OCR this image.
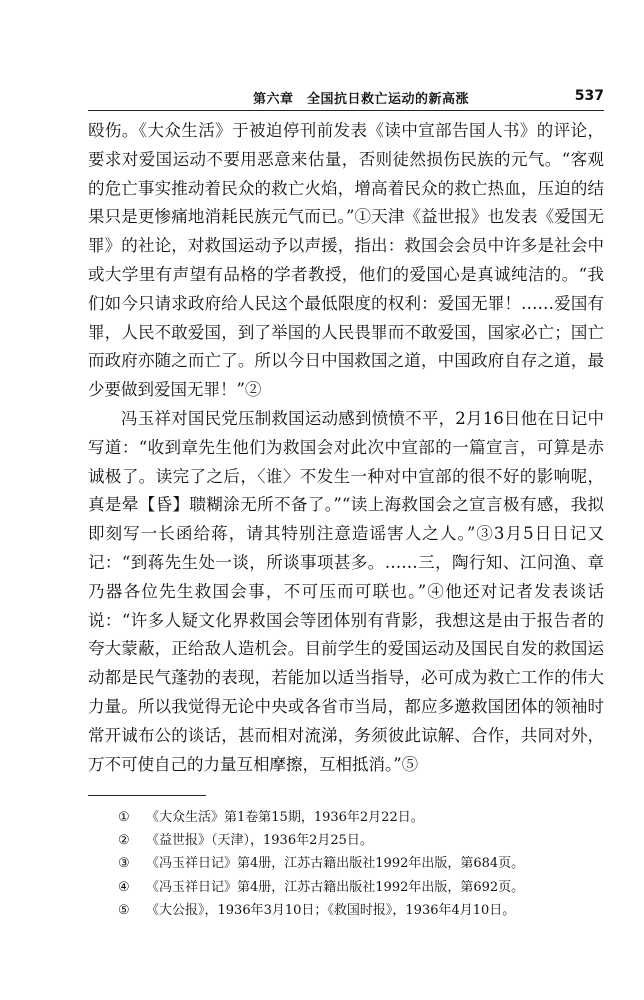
第六章　全国抗日救亡运动的新高涨	537

殴伤。《大众生活》于被迫停刊前发表《读中宣部告国人书》的评论，要求对爱国运动不要用恶意来估量，否则徒然损伤民族的元气。“客观的危亡事实推动着民众的救亡火焰，增高着民众的救亡热血，压迫的结果只是更惨痛地消耗民族元气而已。”①天津《益世报》也发表《爱国无罪》的社论，对救国运动予以声援，指出：救国会会员中许多是社会中或大学里有声望有品格的学者教授，他们的爱国心是真诚纯洁的。“我们如今只请求政府给人民这个最低限度的权利：爱国无罪！……爱国有罪，人民不敢爱国，到了举国的人民畏罪而不敢爱国，国家必亡；国亡而政府亦随之而亡了。所以今日中国救国之道，中国政府自存之道，最少要做到爱国无罪！”②

冯玉祥对国民党压制救国运动感到愤愤不平，2月16日他在日记中写道：“收到章先生他们为救国会对此次中宣部的一篇宣言，可算是赤诚极了。读完了之后，〈谁〉不发生一种对中宣部的很不好的影响呢，真是晕【昏】聩糊涂无所不备了。”“读上海救国会之宣言极有感，我拟即刻写一长函给蒋，请其特别注意造谣害人之人。”③3月5日日记又记：“到蒋先生处一谈，所谈事项甚多。……三，陶行知、江问渔、章乃器各位先生救国会事，不可压而可联也。”④他还对记者发表谈话说：“许多人疑文化界救国会等团体别有背影，我想这是由于报告者的夸大蒙蔽，正给敌人造机会。目前学生的爱国运动及国民自发的救国运动都是民气蓬勃的表现，若能加以适当指导，必可成为救亡工作的伟大力量。所以我觉得无论中央或各省市当局，都应多邀救国团体的领袖时常开诚布公的谈话，甚而相对流涕，务须彼此谅解、合作，共同对外，万不可使自己的力量互相摩擦，互相抵消。”⑤

① 《大众生活》第1卷第15期，1936年2月22日。
② 《益世报》（天津），1936年2月25日。
③ 《冯玉祥日记》第4册，江苏古籍出版社1992年出版，第684页。
④ 《冯玉祥日记》第4册，江苏古籍出版社1992年出版，第692页。
⑤ 《大公报》，1936年3月10日；《救国时报》，1936年4月10日。
